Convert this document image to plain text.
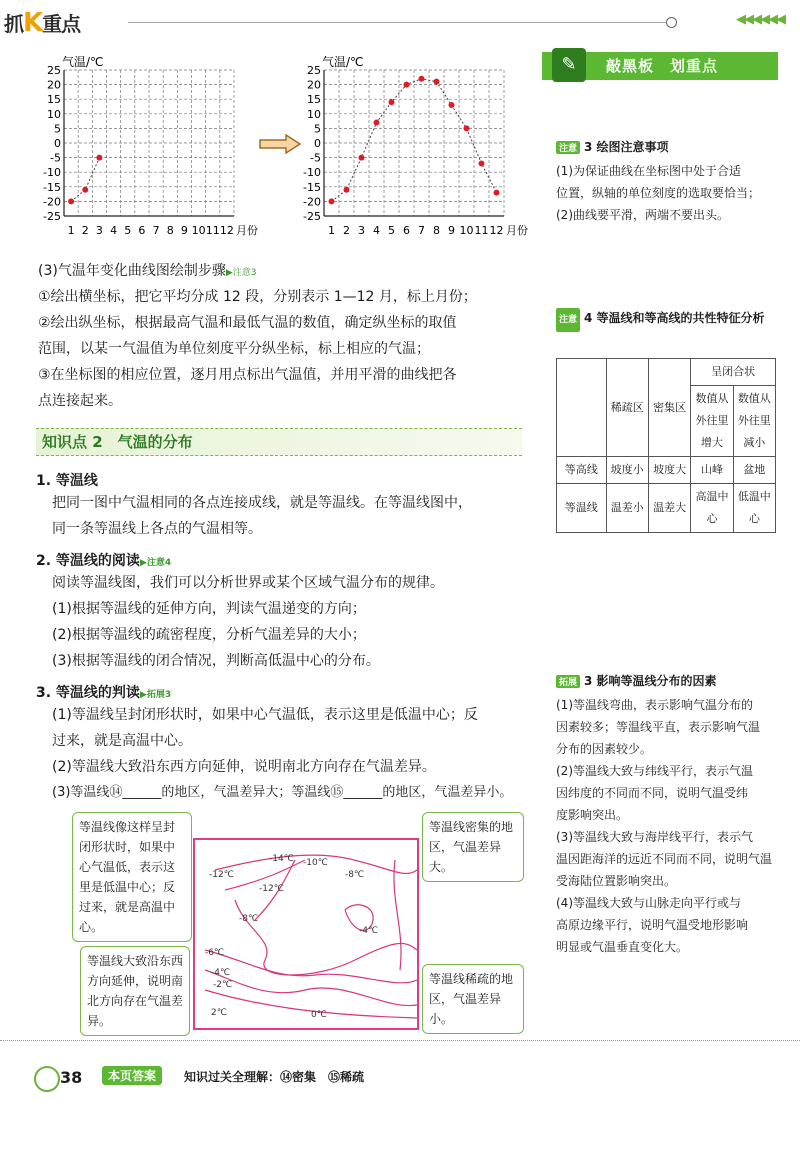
抓K重点	◀◀◀◀◀◀
25
20
15
10
5
0
-5
-10
-15
-20
-25
1 2 3 4 5 6 7 8 9 10 11 12 月份
气温/℃
25
20
15
10
5
0
-5
-10
-15
-20
-25
1 2 3 4 5 6 7 8 9 10 11 12 月份
气温/℃
(3)气温年变化曲线图绘制步骤▶注意3
①绘出横坐标，把它平均分成 12 段，分别表示 1—12 月，标上月份；
②绘出纵坐标，根据最高气温和最低气温的数值，确定纵坐标的取值
范围，以某一气温值为单位刻度平分纵坐标，标上相应的气温；
③在坐标图的相应位置，逐月用点标出气温值，并用平滑的曲线把各
点连接起来。
知识点 2　气温的分布
1. 等温线
把同一图中气温相同的各点连接成线，就是等温线。在等温线图中，
同一条等温线上各点的气温相等。
2. 等温线的阅读▶注意4
阅读等温线图，我们可以分析世界或某个区域气温分布的规律。
(1)根据等温线的延伸方向，判读气温递变的方向；
(2)根据等温线的疏密程度，分析气温差异的大小；
(3)根据等温线的闭合情况，判断高低温中心的分布。
3. 等温线的判读▶拓展3
(1)等温线呈封闭形状时，如果中心气温低，表示这里是低温中心；反
过来，就是高温中心。
(2)等温线大致沿东西方向延伸，说明南北方向存在气温差异。
(3)等温线⑭______的地区，气温差异大；等温线⑮______的地区，气温差异小。
-14℃ -10℃
-12℃
-12℃
-8℃
-8℃
-6℃
-4℃
-2℃
-4℃
2℃	0℃
等温线像这样呈封闭形状时，如果中心气温低，表示这里是低温中心；反过来，就是高温中心。
等温线大致沿东西方向延伸，说明南北方向存在气温差异。
等温线密集的地区，气温差异大。
等温线稀疏的地区，气温差异小。
敲黑板　划重点
✎
注意 3 绘图注意事项
(1)为保证曲线在坐标图中处于合适
位置，纵轴的单位刻度的选取要恰当；
(2)曲线要平滑，两端不要出头。
注意 4 等温线和等高线的共性特征分析
	稀疏区	密集区	呈闭合状	
			数值从外往里增大	数值从外往里减小
等高线	坡度小	坡度大	山峰	盆地
等温线	温差小	温差大	高温中心	低温中心
拓展 3 影响等温线分布的因素
(1)等温线弯曲，表示影响气温分布的
因素较多；等温线平直，表示影响气温
分布的因素较少。
(2)等温线大致与纬线平行，表示气温
因纬度的不同而不同，说明气温受纬
度影响突出。
(3)等温线大致与海岸线平行，表示气
温因距海洋的远近不同而不同，说明气温
受海陆位置影响突出。
(4)等温线大致与山脉走向平行或与
高原边缘平行，说明气温受地形影响
明显或气温垂直变化大。
38	本页答案	知识过关全理解：⑭密集　⑮稀疏
